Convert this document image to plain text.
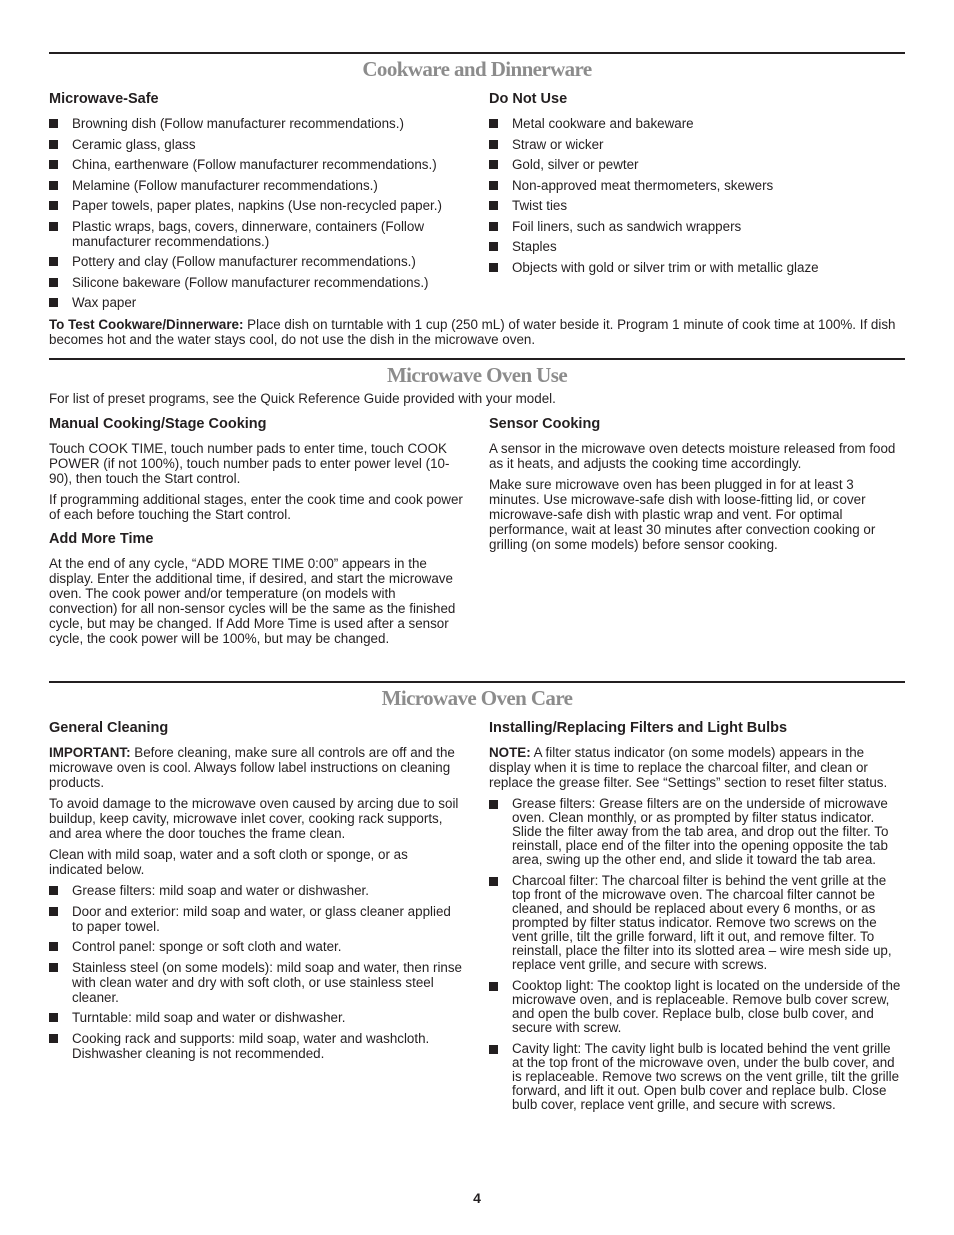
Cookware and Dinnerware
Microwave-Safe
Browning dish (Follow manufacturer recommendations.)
Ceramic glass, glass
China, earthenware (Follow manufacturer recommendations.)
Melamine (Follow manufacturer recommendations.)
Paper towels, paper plates, napkins (Use non-recycled paper.)
Plastic wraps, bags, covers, dinnerware, containers (Follow manufacturer recommendations.)
Pottery and clay (Follow manufacturer recommendations.)
Silicone bakeware (Follow manufacturer recommendations.)
Wax paper
Do Not Use
Metal cookware and bakeware
Straw or wicker
Gold, silver or pewter
Non-approved meat thermometers, skewers
Twist ties
Foil liners, such as sandwich wrappers
Staples
Objects with gold or silver trim or with metallic glaze

To Test Cookware/Dinnerware: Place dish on turntable with 1 cup (250 mL) of water beside it. Program 1 minute of cook time at 100%. If dish becomes hot and the water stays cool, do not use the dish in the microwave oven.

Microwave Oven Use

For list of preset programs, see the Quick Reference Guide provided with your model.

Manual Cooking/Stage Cooking

Touch COOK TIME, touch number pads to enter time, touch COOK POWER (if not 100%), touch number pads to enter power level (10-90), then touch the Start control.

If programming additional stages, enter the cook time and cook power of each before touching the Start control.

Add More Time

At the end of any cycle, “ADD MORE TIME 0:00” appears in the display. Enter the additional time, if desired, and start the microwave oven. The cook power and/or temperature (on models with convection) for all non-sensor cycles will be the same as the finished cycle, but may be changed. If Add More Time is used after a sensor cycle, the cook power will be 100%, but may be changed.

Sensor Cooking

A sensor in the microwave oven detects moisture released from food as it heats, and adjusts the cooking time accordingly.

Make sure microwave oven has been plugged in for at least 3 minutes. Use microwave-safe dish with loose-fitting lid, or cover microwave-safe dish with plastic wrap and vent. For optimal performance, wait at least 30 minutes after convection cooking or grilling (on some models) before sensor cooking.

Microwave Oven Care
General Cleaning

IMPORTANT: Before cleaning, make sure all controls are off and the microwave oven is cool. Always follow label instructions on cleaning products.

To avoid damage to the microwave oven caused by arcing due to soil buildup, keep cavity, microwave inlet cover, cooking rack supports, and area where the door touches the frame clean.

Clean with mild soap, water and a soft cloth or sponge, or as indicated below.

Grease filters: mild soap and water or dishwasher.
Door and exterior: mild soap and water, or glass cleaner applied to paper towel.
Control panel: sponge or soft cloth and water.
Stainless steel (on some models): mild soap and water, then rinse with clean water and dry with soft cloth, or use stainless steel cleaner.
Turntable: mild soap and water or dishwasher.
Cooking rack and supports: mild soap, water and washcloth. Dishwasher cleaning is not recommended.
Installing/Replacing Filters and Light Bulbs

NOTE: A filter status indicator (on some models) appears in the display when it is time to replace the charcoal filter, and clean or replace the grease filter. See “Settings” section to reset filter status.

Grease filters: Grease filters are on the underside of microwave oven. Clean monthly, or as prompted by filter status indicator. Slide the filter away from the tab area, and drop out the filter. To reinstall, place end of the filter into the opening opposite the tab area, swing up the other end, and slide it toward the tab area.
Charcoal filter: The charcoal filter is behind the vent grille at the top front of the microwave oven. The charcoal filter cannot be cleaned, and should be replaced about every 6 months, or as prompted by filter status indicator. Remove two screws on the vent grille, tilt the grille forward, lift it out, and remove filter. To reinstall, place the filter into its slotted area – wire mesh side up, replace vent grille, and secure with screws.
Cooktop light: The cooktop light is located on the underside of the microwave oven, and is replaceable. Remove bulb cover screw, and open the bulb cover. Replace bulb, close bulb cover, and secure with screw.
Cavity light: The cavity light bulb is located behind the vent grille at the top front of the microwave oven, under the bulb cover, and is replaceable. Remove two screws on the vent grille, tilt the grille forward, and lift it out. Open bulb cover and replace bulb. Close bulb cover, replace vent grille, and secure with screws.
4
